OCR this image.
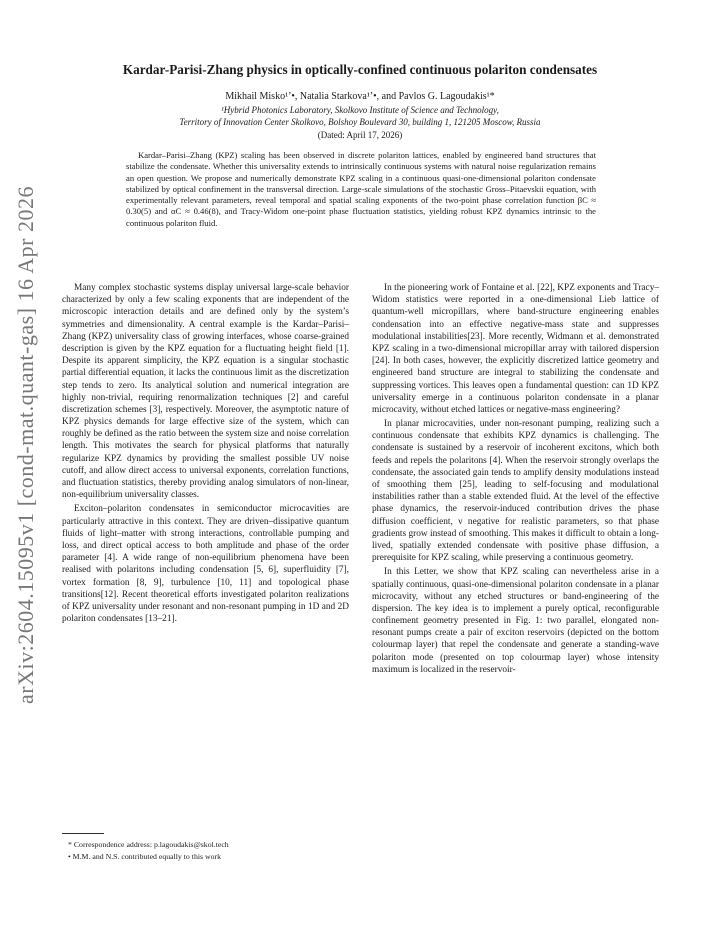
arXiv:2604.15095v1 [cond-mat.quant-gas] 16 Apr 2026
Kardar-Parisi-Zhang physics in optically-confined continuous polariton condensates
Mikhail Misko¹ʼ•, Natalia Starkova¹ʼ•, and Pavlos G. Lagoudakis¹*
¹Hybrid Photonics Laboratory, Skolkovo Institute of Science and Technology,
Territory of Innovation Center Skolkovo, Bolshoy Boulevard 30, building 1, 121205 Moscow, Russia
(Dated: April 17, 2026)
Kardar–Parisi–Zhang (KPZ) scaling has been observed in discrete polariton lattices, enabled by engineered band structures that stabilize the condensate. Whether this universality extends to intrinsically continuous systems with natural noise regularization remains an open question. We propose and numerically demonstrate KPZ scaling in a continuous quasi-one-dimensional polariton condensate stabilized by optical confinement in the transversal direction. Large-scale simulations of the stochastic Gross–Pitaevskii equation, with experimentally relevant parameters, reveal temporal and spatial scaling exponents of the two-point phase correlation function βC ≈ 0.30(5) and αC ≈ 0.46(8), and Tracy-Widom one-point phase fluctuation statistics, yielding robust KPZ dynamics intrinsic to the continuous polariton fluid.

Many complex stochastic systems display universal large-scale behavior characterized by only a few scaling exponents that are independent of the microscopic interaction details and are defined only by the system’s symmetries and dimensionality. A central example is the Kardar–Parisi–Zhang (KPZ) universality class of growing interfaces, whose coarse-grained description is given by the KPZ equation for a fluctuating height field [1]. Despite its apparent simplicity, the KPZ equation is a singular stochastic partial differential equation, it lacks the continuous limit as the discretization step tends to zero. Its analytical solution and numerical integration are highly non-trivial, requiring renormalization techniques [2] and careful discretization schemes [3], respectively. Moreover, the asymptotic nature of KPZ physics demands for large effective size of the system, which can roughly be defined as the ratio between the system size and noise correlation length. This motivates the search for physical platforms that naturally regularize KPZ dynamics by providing the smallest possible UV noise cutoff, and allow direct access to universal exponents, correlation functions, and fluctuation statistics, thereby providing analog simulators of non-linear, non-equilibrium universality classes.

Exciton–polariton condensates in semiconductor microcavities are particularly attractive in this context. They are driven–dissipative quantum fluids of light–matter with strong interactions, controllable pumping and loss, and direct optical access to both amplitude and phase of the order parameter [4]. A wide range of non-equilibrium phenomena have been realised with polaritons including condensation [5, 6], superfluidity [7], vortex formation [8, 9], turbulence [10, 11] and topological phase transitions[12]. Recent theoretical efforts investigated polariton realizations of KPZ universality under resonant and non-resonant pumping in 1D and 2D polariton condensates [13–21].

In the pioneering work of Fontaine et al. [22], KPZ exponents and Tracy–Widom statistics were reported in a one-dimensional Lieb lattice of quantum-well micropillars, where band-structure engineering enables condensation into an effective negative-mass state and suppresses modulational instabilities[23]. More recently, Widmann et al. demonstrated KPZ scaling in a two-dimensional micropillar array with tailored dispersion [24]. In both cases, however, the explicitly discretized lattice geometry and engineered band structure are integral to stabilizing the condensate and suppressing vortices. This leaves open a fundamental question: can 1D KPZ universality emerge in a continuous polariton condensate in a planar microcavity, without etched lattices or negative-mass engineering?

In planar microcavities, under non-resonant pumping, realizing such a continuous condensate that exhibits KPZ dynamics is challenging. The condensate is sustained by a reservoir of incoherent excitons, which both feeds and repels the polaritons [4]. When the reservoir strongly overlaps the condensate, the associated gain tends to amplify density modulations instead of smoothing them [25], leading to self-focusing and modulational instabilities rather than a stable extended fluid. At the level of the effective phase dynamics, the reservoir-induced contribution drives the phase diffusion coefficient, ν negative for realistic parameters, so that phase gradients grow instead of smoothing. This makes it difficult to obtain a long-lived, spatially extended condensate with positive phase diffusion, a prerequisite for KPZ scaling, while preserving a continuous geometry.

In this Letter, we show that KPZ scaling can nevertheless arise in a spatially continuous, quasi-one-dimensional polariton condensate in a planar microcavity, without any etched structures or band-engineering of the dispersion. The key idea is to implement a purely optical, reconfigurable confinement geometry presented in Fig. 1: two parallel, elongated non-resonant pumps create a pair of exciton reservoirs (depicted on the bottom colourmap layer) that repel the condensate and generate a standing-wave polariton mode (presented on top colourmap layer) whose intensity maximum is localized in the reservoir-

* Correspondence address: p.lagoudakis@skol.tech
• M.M. and N.S. contributed equally to this work
